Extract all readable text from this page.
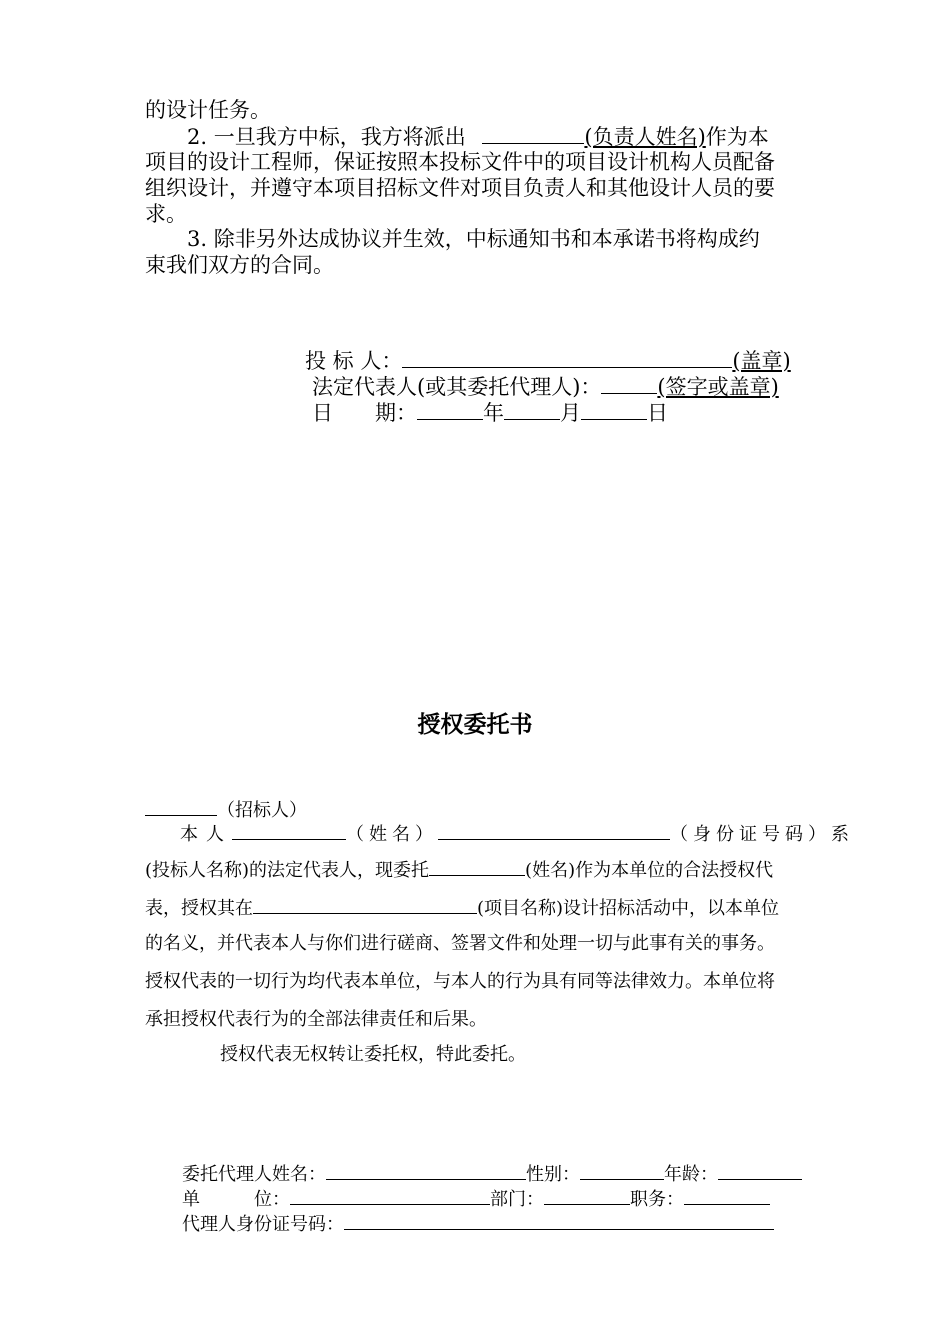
的设计任务。
2. 一旦我方中标，我方将派出	(负责人姓名)作为本
项目的设计工程师，保证按照本投标文件中的项目设计机构人员配备
组织设计，并遵守本项目招标文件对项目负责人和其他设计人员的要
求。
3. 除非另外达成协议并生效，中标通知书和本承诺书将构成约
束我们双方的合同。
投 标 人：	(盖章)
法定代表人(或其委托代理人)：	(签字或盖章)
日　　期：	年	月	日
授权委托书
（招标人）
本人	（姓名）	（身份证号码）系
(投标人名称)的法定代表人，现委托	(姓名)作为本单位的合法授权代
表，授权其在	(项目名称)设计招标活动中，以本单位
的名义，并代表本人与你们进行磋商、签署文件和处理一切与此事有关的事务。
授权代表的一切行为均代表本单位，与本人的行为具有同等法律效力。本单位将
承担授权代表行为的全部法律责任和后果。
授权代表无权转让委托权，特此委托。
委托代理人姓名：	性别：	年龄：
单　　　位：	部门：	职务：
代理人身份证号码：
